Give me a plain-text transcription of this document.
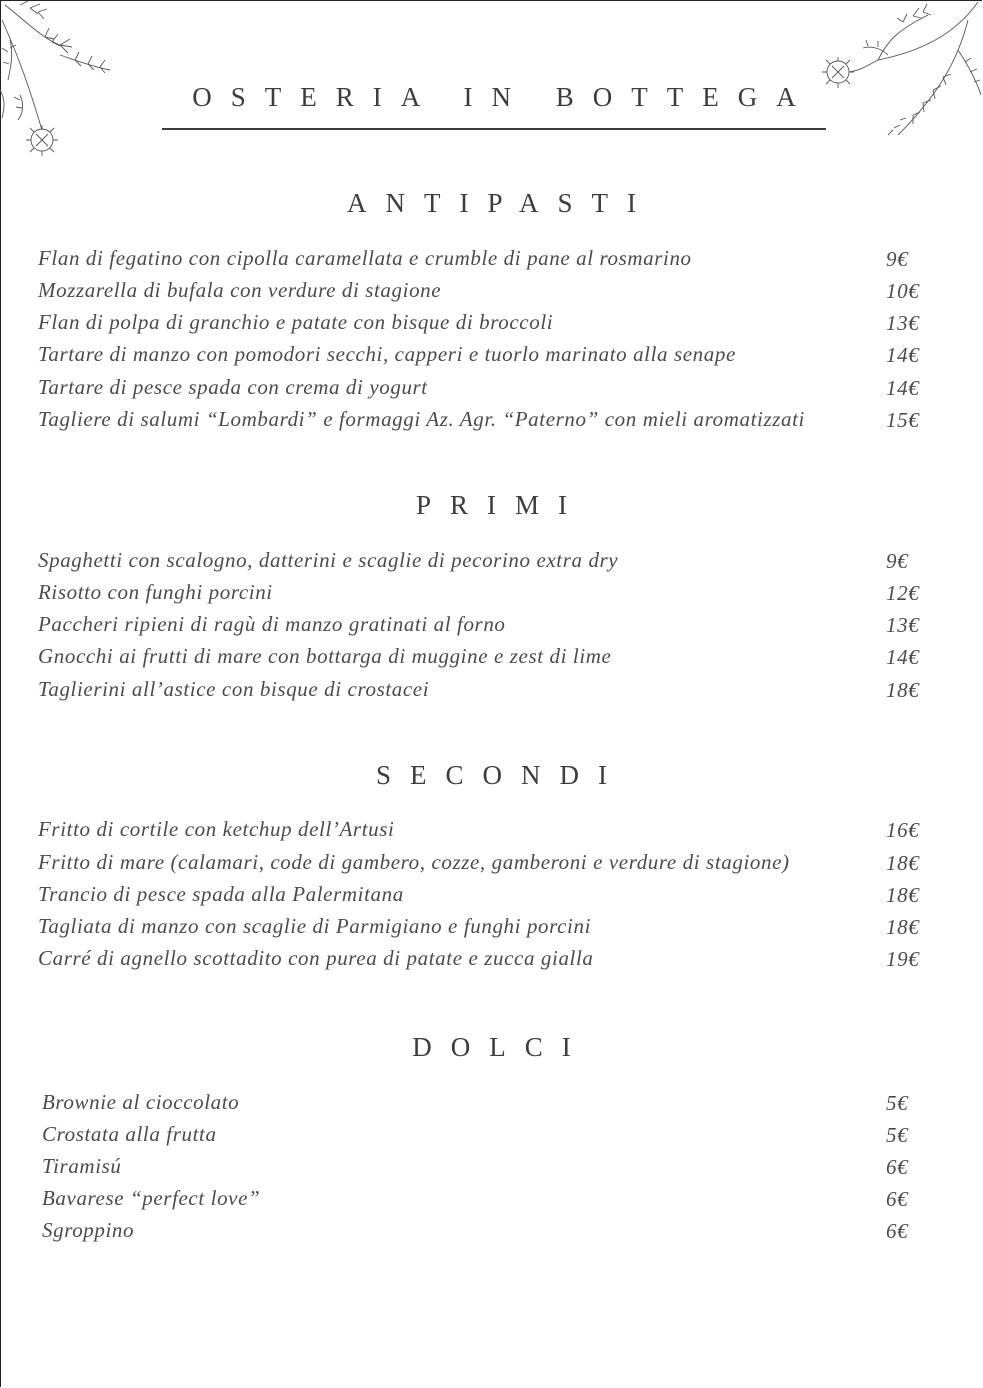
OSTERIA IN BOTTEGA
ANTIPASTI
Flan di fegatino con cipolla caramellata e crumble di pane al rosmarino	9€
Mozzarella di bufala con verdure di stagione	10€
Flan di polpa di granchio e patate con bisque di broccoli	13€
Tartare di manzo con pomodori secchi, capperi e tuorlo marinato alla senape	14€
Tartare di pesce spada con crema di yogurt	14€
Tagliere di salumi “Lombardi” e formaggi Az. Agr. “Paterno” con mieli aromatizzati	15€
PRIMI
Spaghetti con scalogno, datterini e scaglie di pecorino extra dry	9€
Risotto con funghi porcini	12€
Paccheri ripieni di ragù di manzo gratinati al forno	13€
Gnocchi ai frutti di mare con bottarga di muggine e zest di lime	14€
Taglierini all’astice con bisque di crostacei	18€
SECONDI
Fritto di cortile con ketchup dell’Artusi	16€
Fritto di mare (calamari, code di gambero, cozze, gamberoni e verdure di stagione)	18€
Trancio di pesce spada alla Palermitana	18€
Tagliata di manzo con scaglie di Parmigiano e funghi porcini	18€
Carré di agnello scottadito con purea di patate e zucca gialla	19€
DOLCI
Brownie al cioccolato	5€
Crostata alla frutta	5€
Tiramisú	6€
Bavarese “perfect love”	6€
Sgroppino	6€
